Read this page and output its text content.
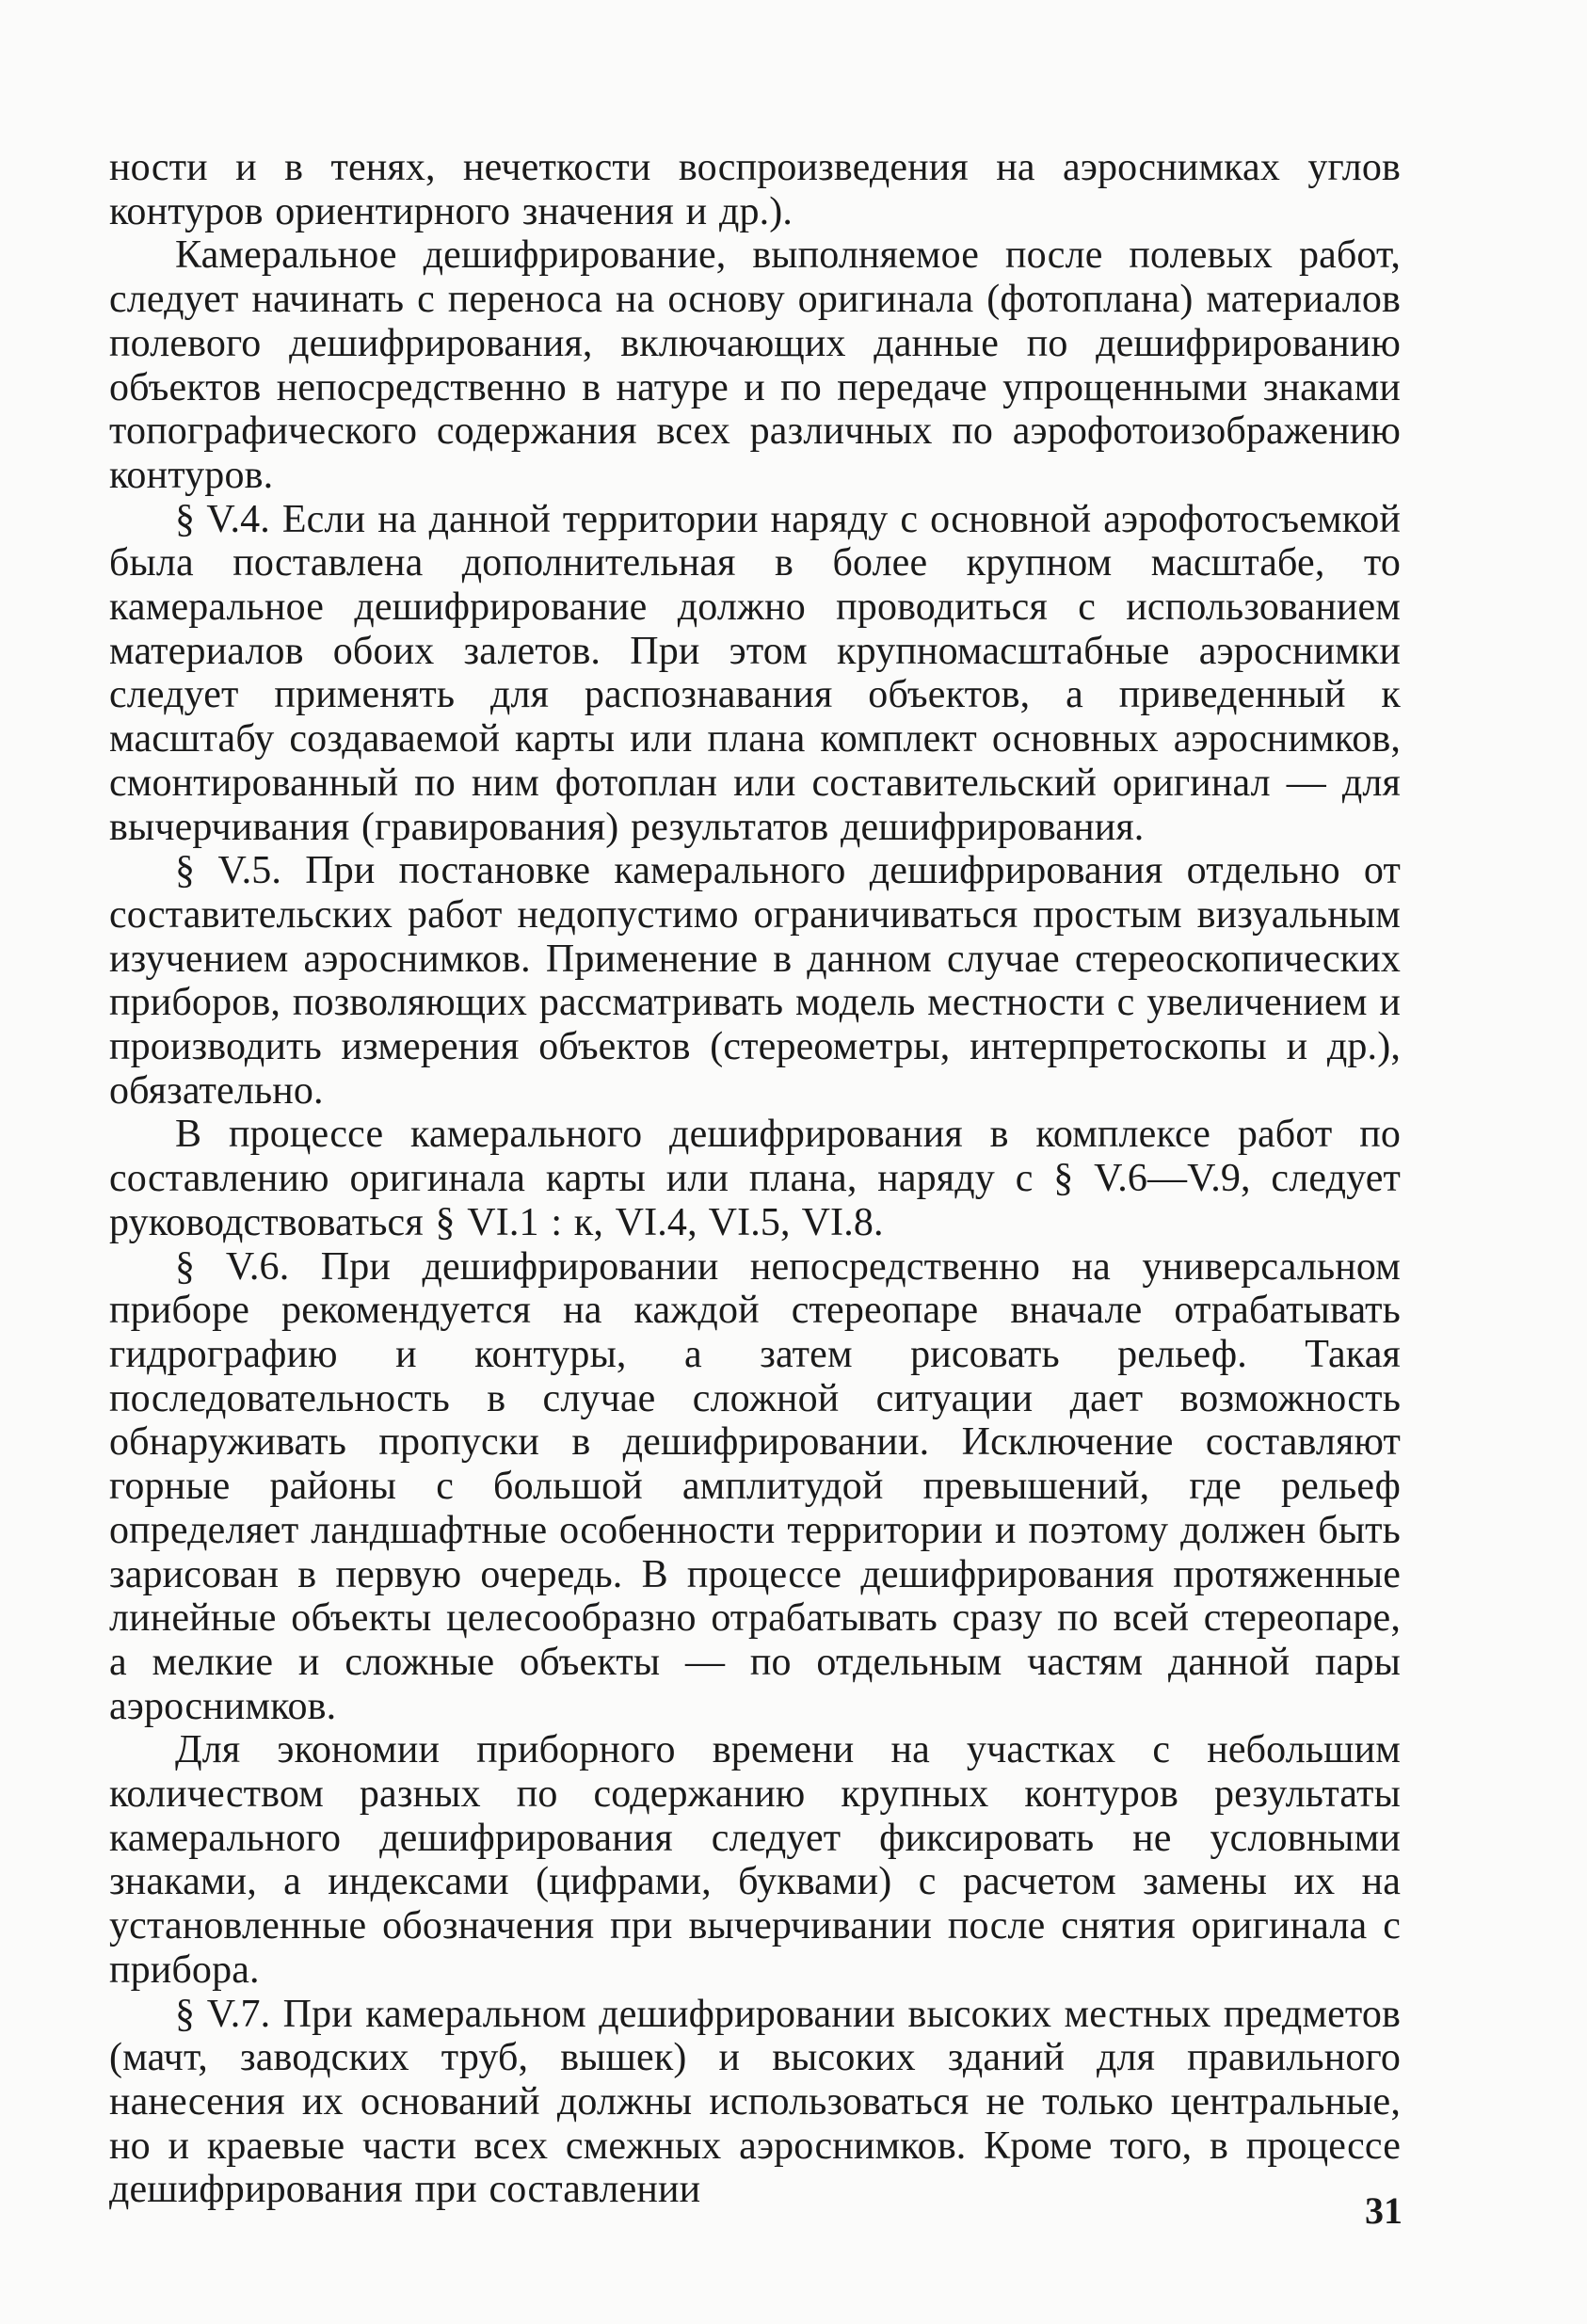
ности и в тенях, нечеткости воспроизведения на аэроснимках углов контуров ориентирного значения и др.).

Камеральное дешифрирование, выполняемое после полевых работ, следует начинать с переноса на основу оригинала (фотоплана) материалов полевого дешифрирования, включающих данные по дешифрированию объектов непосредственно в натуре и по передаче упрощенными знаками топографического содержания всех различных по аэрофотоизображению контуров.

§ V.4. Если на данной территории наряду с основной аэрофотосъемкой была поставлена дополнительная в более крупном масштабе, то камеральное дешифрирование должно проводиться с использованием материалов обоих залетов. При этом крупномасштабные аэроснимки следует применять для распознавания объектов, а приведенный к масштабу создаваемой карты или плана комплект основных аэроснимков, смонтированный по ним фотоплан или составительский оригинал — для вычерчивания (гравирования) результатов дешифрирования.

§ V.5. При постановке камерального дешифрирования отдельно от составительских работ недопустимо ограничиваться простым визуальным изучением аэроснимков. Применение в данном случае стереоскопических приборов, позволяющих рассматривать модель местности с увеличением и производить измерения объектов (стереометры, интерпретоскопы и др.), обязательно.

В процессе камерального дешифрирования в комплексе работ по составлению оригинала карты или плана, наряду с § V.6—V.9, следует руководствоваться § VI.1 : к, VI.4, VI.5, VI.8.

§ V.6. При дешифрировании непосредственно на универсальном приборе рекомендуется на каждой стереопаре вначале отрабатывать гидрографию и контуры, а затем рисовать рельеф. Такая последовательность в случае сложной ситуации дает возможность обнаруживать пропуски в дешифрировании. Исключение составляют горные районы с большой амплитудой превышений, где рельеф определяет ландшафтные особенности территории и поэтому должен быть зарисован в первую очередь. В процессе дешифрирования протяженные линейные объекты целесообразно отрабатывать сразу по всей стереопаре, а мелкие и сложные объекты — по отдельным частям данной пары аэроснимков.

Для экономии приборного времени на участках с небольшим количеством разных по содержанию крупных контуров результаты камерального дешифрирования следует фиксировать не условными знаками, а индексами (цифрами, буквами) с расчетом замены их на установленные обозначения при вычерчивании после снятия оригинала с прибора.

§ V.7. При камеральном дешифрировании высоких местных предметов (мачт, заводских труб, вышек) и высоких зданий для правильного нанесения их оснований должны использоваться не только центральные, но и краевые части всех смежных аэроснимков. Кроме того, в процессе дешифрирования при составлении	31
